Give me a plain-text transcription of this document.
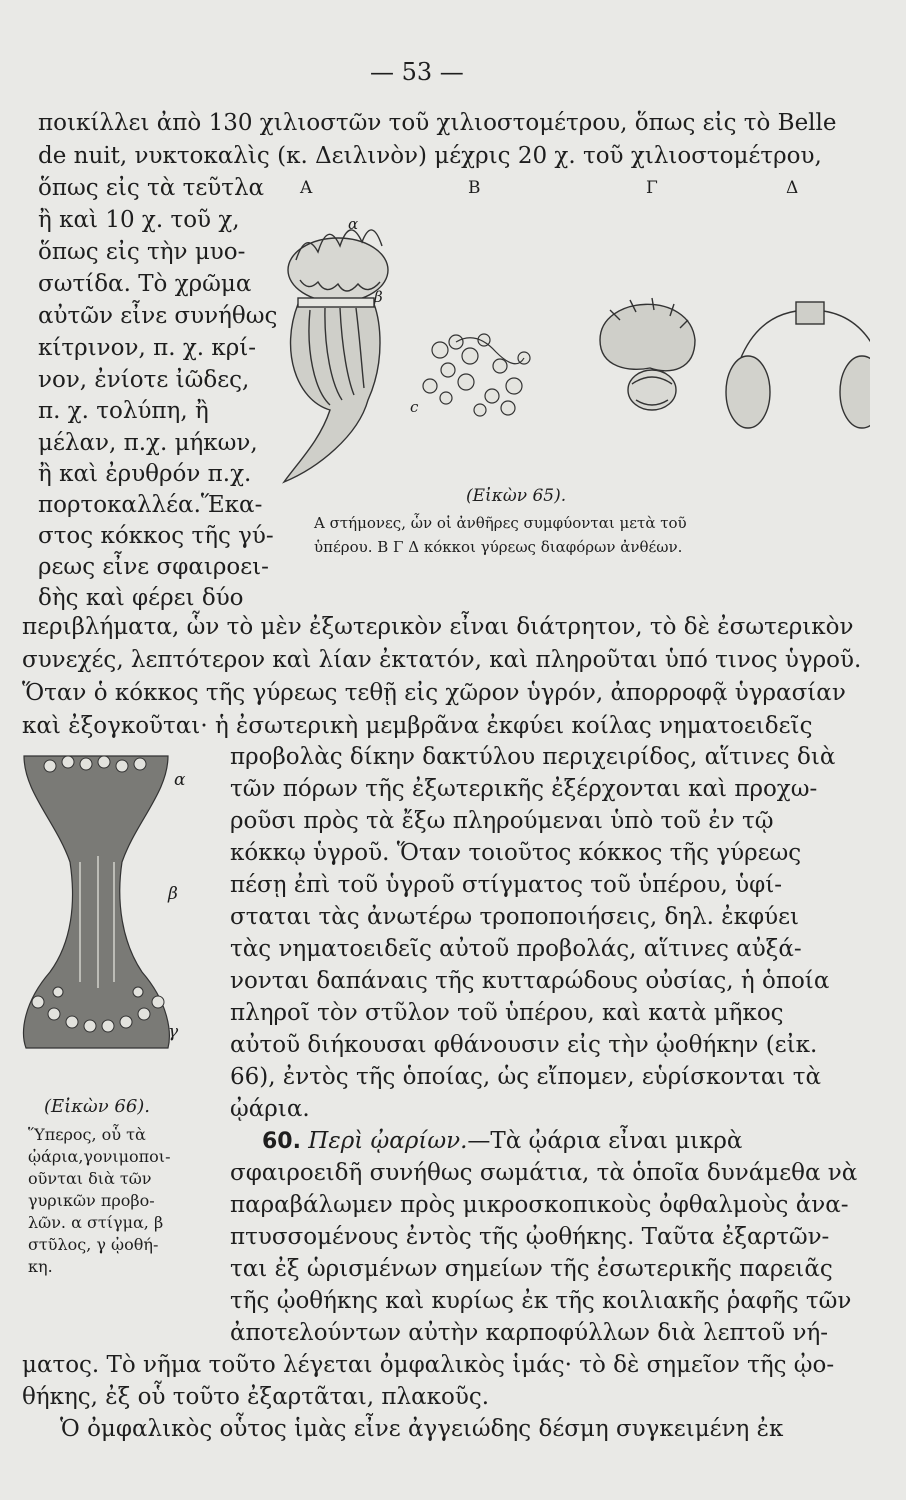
— 53 —
ποικίλλει ἀπὸ 130 χιλιοστῶν τοῦ χιλιοστομέτρου, ὅπως εἰς τὸ Belle
de nuit, νυκτοκαλὶς (κ. Δειλινὸν) μέχρις 20 χ. τοῦ χιλιοστομέτρου,
ὅπως εἰς τὰ τεῦτλα
ἢ καὶ 10 χ. τοῦ χ,
ὅπως εἰς τὴν μυο-
σωτίδα. Τὸ χρῶμα
αὐτῶν εἶνε συνήθως
κίτρινον, π. χ. κρί-
νον, ἐνίοτε ἰῶδες,
π. χ. τολύπη, ἢ
μέλαν, π.χ. μήκων,
ἢ καὶ ἐρυθρόν π.χ.
πορτοκαλλέα.Ἕκα-
στος κόκκος τῆς γύ-
ρεως εἶνε σφαιροει-
δὴς καὶ φέρει δύο
A	B	Γ	Δ
α
β
c
(Εἰκὼν 65).
Α στήμονες, ὧν οἱ ἀνθῆρες συμφύονται μετὰ τοῦ
ὑπέρου. Β Γ Δ κόκκοι γύρεως διαφόρων ἀνθέων.
περιβλήματα, ὧν τὸ μὲν ἐξωτερικὸν εἶναι διάτρητον, τὸ δὲ ἐσωτερικὸν
συνεχές, λεπτότερον καὶ λίαν ἐκτατόν, καὶ πληροῦται ὑπό τινος ὑγροῦ.
Ὅταν ὁ κόκκος τῆς γύρεως τεθῇ εἰς χῶρον ὑγρόν, ἀπορροφᾷ ὑγρασίαν
καὶ ἐξογκοῦται· ἡ ἐσωτερικὴ μεμβρᾶνα ἐκφύει κοίλας νηματοειδεῖς
α
β
γ
(Εἰκὼν 66).
Ὕπερος, οὗ τὰ
ᾠάρια,γονιμοποι-
οῦνται διὰ τῶν
γυρικῶν προβο-
λῶν. α στίγμα, β
στῦλος, γ ᾠοθή-
κη.
προβολὰς δίκην δακτύλου περιχειρίδος, αἵτινες διὰ
τῶν πόρων τῆς ἐξωτερικῆς ἐξέρχονται καὶ προχω-
ροῦσι πρὸς τὰ ἔξω πληρούμεναι ὑπὸ τοῦ ἐν τῷ
κόκκῳ ὑγροῦ. Ὅταν τοιοῦτος κόκκος τῆς γύρεως
πέσῃ ἐπὶ τοῦ ὑγροῦ στίγματος τοῦ ὑπέρου, ὑφί-
σταται τὰς ἀνωτέρω τροποποιήσεις, δηλ. ἐκφύει
τὰς νηματοειδεῖς αὐτοῦ προβολάς, αἵτινες αὐξά-
νονται δαπάναις τῆς κυτταρώδους οὐσίας, ἡ ὁποία
πληροῖ τὸν στῦλον τοῦ ὑπέρου, καὶ κατὰ μῆκος
αὐτοῦ διήκουσαι φθάνουσιν εἰς τὴν ᾠοθήκην (εἰκ.
66), ἐντὸς τῆς ὁποίας, ὡς εἴπομεν, εὑρίσκονται τὰ
ᾠάρια.
60. Περὶ ᾠαρίων.—Τὰ ᾠάρια εἶναι μικρὰ
σφαιροειδῆ συνήθως σωμάτια, τὰ ὁποῖα δυνάμεθα νὰ
παραβάλωμεν πρὸς μικροσκοπικοὺς ὀφθαλμοὺς ἀνα-
πτυσσομένους ἐντὸς τῆς ᾠοθήκης. Ταῦτα ἐξαρτῶν-
ται ἐξ ὡρισμένων σημείων τῆς ἐσωτερικῆς παρειᾶς
τῆς ᾠοθήκης καὶ κυρίως ἐκ τῆς κοιλιακῆς ῥαφῆς τῶν
ἀποτελούντων αὐτὴν καρποφύλλων διὰ λεπτοῦ νή-
ματος. Τὸ νῆμα τοῦτο λέγεται ὀμφαλικὸς ἱμάς· τὸ δὲ σημεῖον τῆς ᾠο-
θήκης, ἐξ οὗ τοῦτο ἐξαρτᾶται, πλακοῦς.
Ὁ ὀμφαλικὸς οὗτος ἱμὰς εἶνε ἀγγειώδης δέσμη συγκειμένη ἐκ
